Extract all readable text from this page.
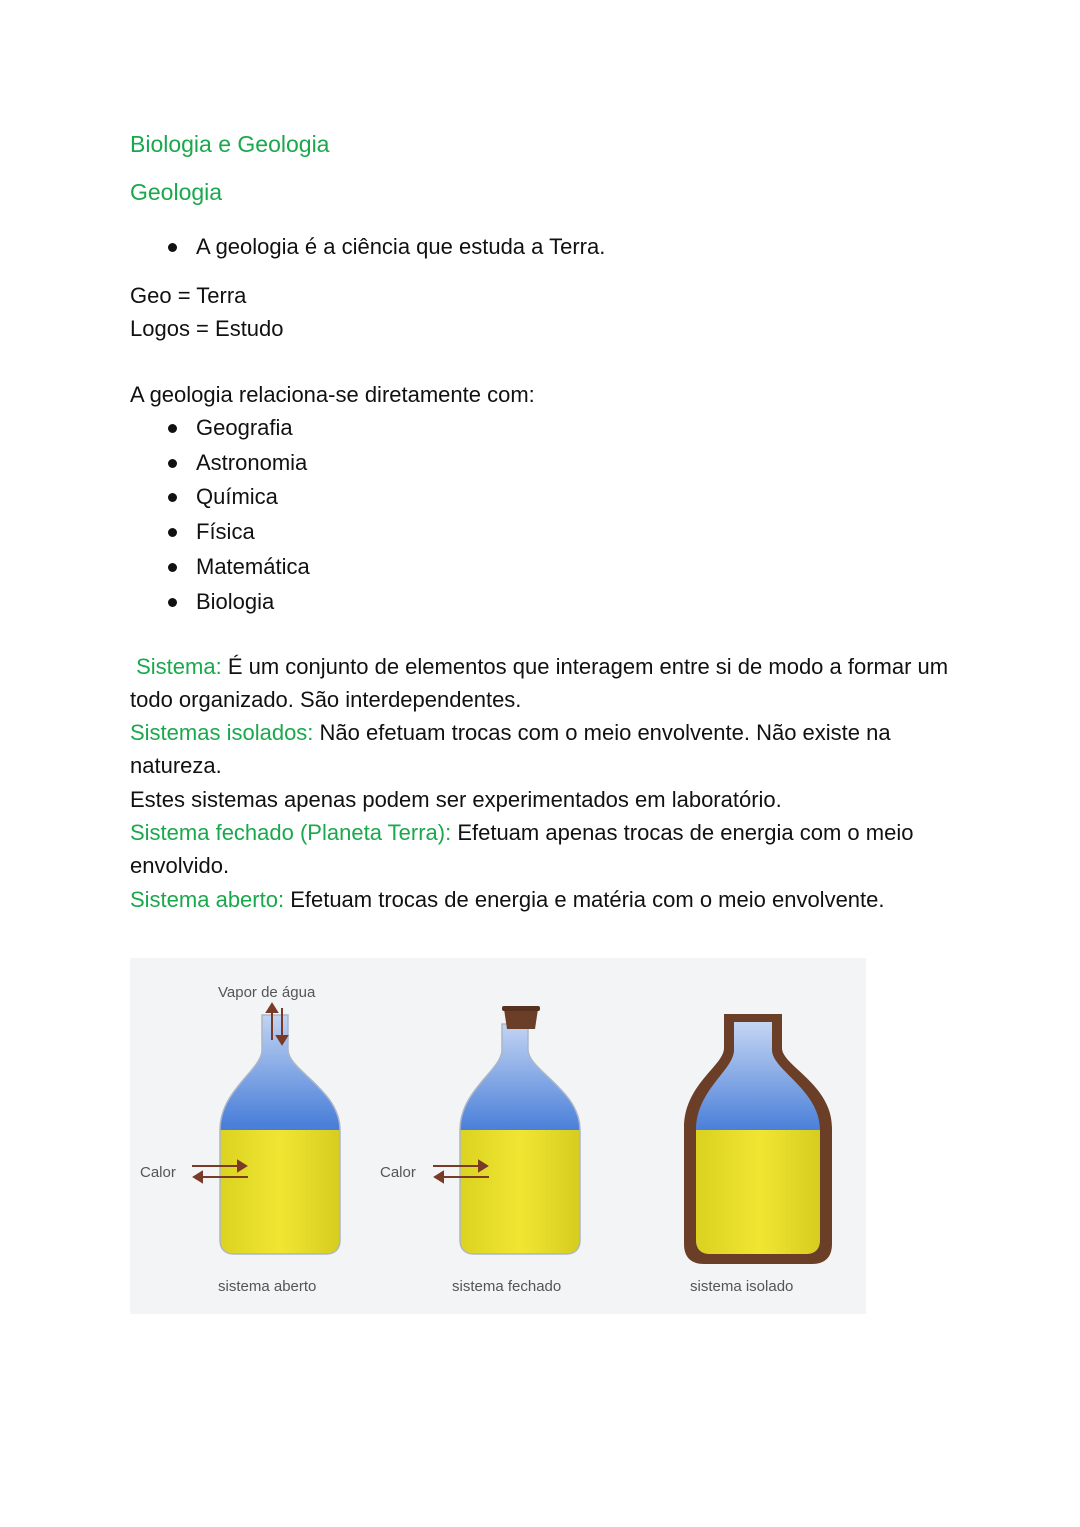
Biologia e Geologia

Geologia

A geologia é a ciência que estuda a Terra.
Geo = Terra
Logos = Estudo
A geologia relaciona-se diretamente com:
Geografia
Astronomia
Química
Física
Matemática
Biologia

Sistema: É um conjunto de elementos que interagem entre si de modo a formar um todo organizado. São interdependentes.

Sistemas isolados: Não efetuam trocas com o meio envolvente. Não existe na natureza.

Estes sistemas apenas podem ser experimentados em laboratório.

Sistema fechado (Planeta Terra): Efetuam apenas trocas de energia com o meio envolvido.

Sistema aberto: Efetuam trocas de energia e matéria com o meio envolvente.

Vapor de água
Calor
sistema aberto
Calor
sistema fechado	sistema isolado
